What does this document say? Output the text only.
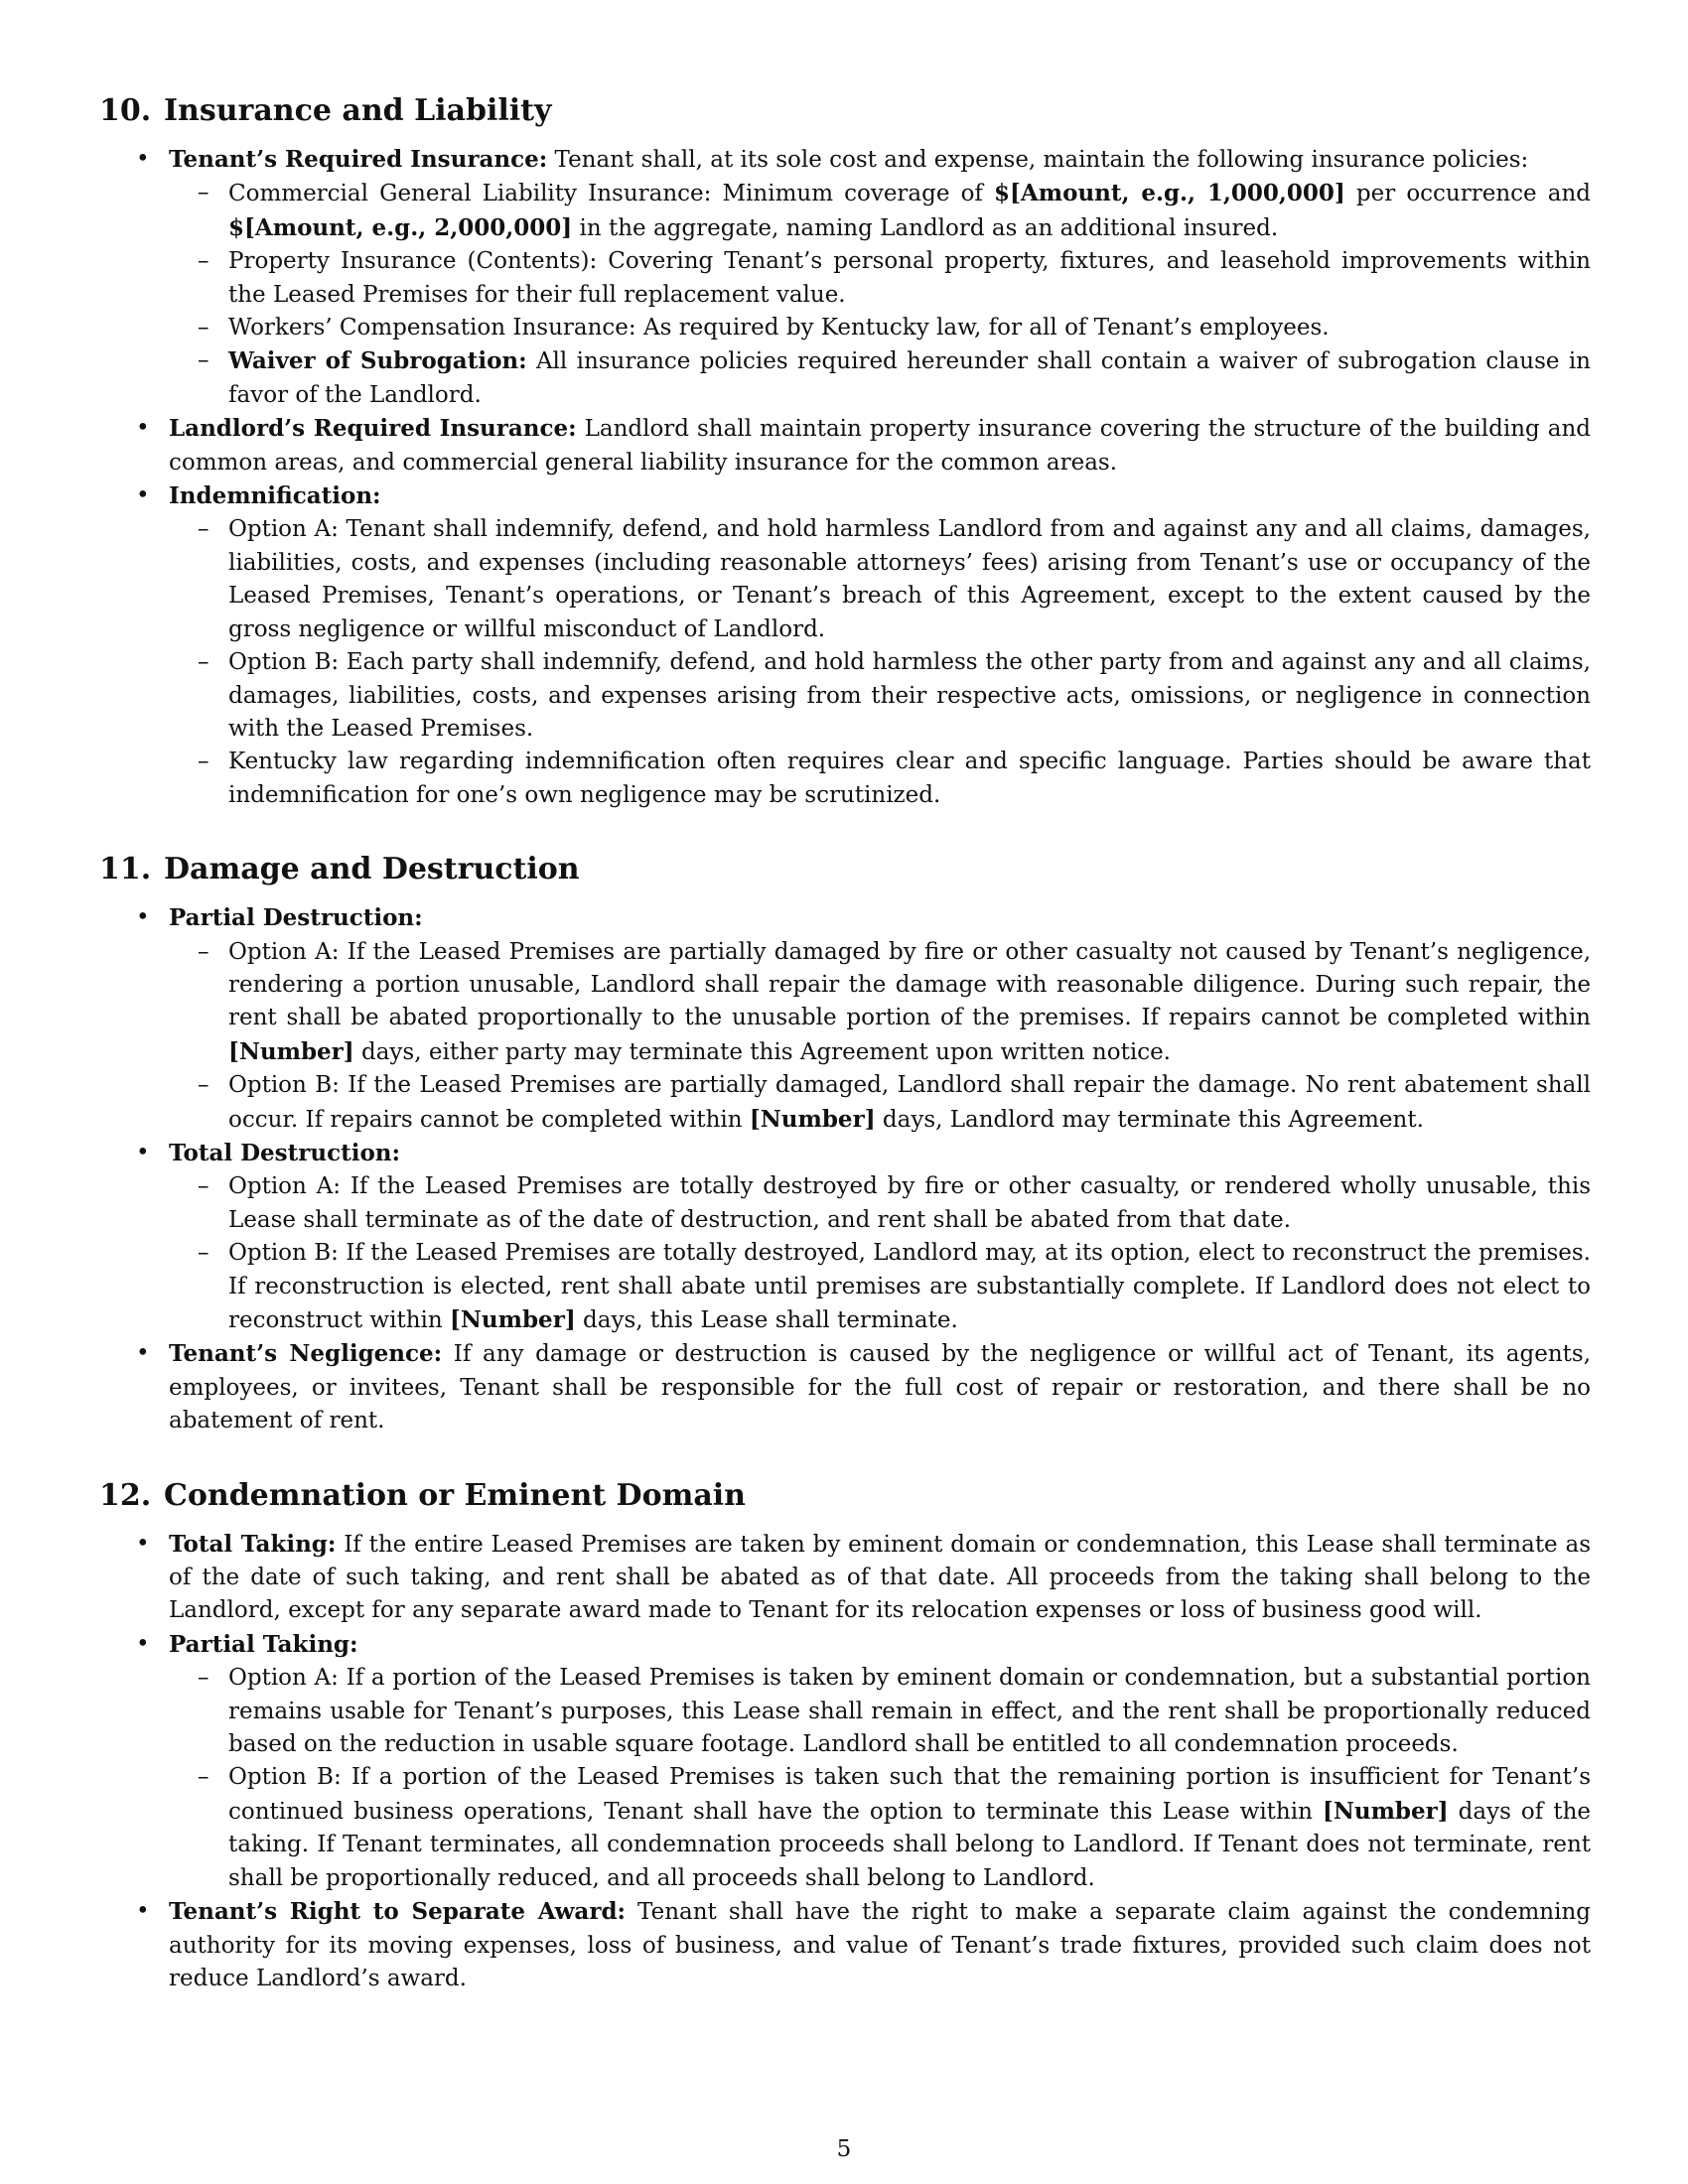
10. Insurance and Liability
• Tenant’s Required Insurance: Tenant shall, at its sole cost and expense, maintain the following insurance policies:
– Commercial General Liability Insurance: Minimum coverage of $[Amount, e.g., 1,000,000] per occurrence and $[Amount, e.g., 2,000,000] in the aggregate, naming Landlord as an additional insured.
– Property Insurance (Contents): Covering Tenant’s personal property, fixtures, and leasehold improvements within the Leased Premises for their full replacement value.
– Workers’ Compensation Insurance: As required by Kentucky law, for all of Tenant’s employees.
– Waiver of Subrogation: All insurance policies required hereunder shall contain a waiver of subrogation clause in favor of the Landlord.
• Landlord’s Required Insurance: Landlord shall maintain property insurance covering the structure of the building and common areas, and commercial general liability insurance for the common areas.
• Indemnification:
– Option A: Tenant shall indemnify, defend, and hold harmless Landlord from and against any and all claims, damages, liabilities, costs, and expenses (including reasonable attorneys’ fees) arising from Tenant’s use or occupancy of the Leased Premises, Tenant’s operations, or Tenant’s breach of this Agreement, except to the extent caused by the gross negligence or willful misconduct of Landlord.
– Option B: Each party shall indemnify, defend, and hold harmless the other party from and against any and all claims, damages, liabilities, costs, and expenses arising from their respective acts, omissions, or negligence in connection with the Leased Premises.
– Kentucky law regarding indemnification often requires clear and specific language. Parties should be aware that indemnification for one’s own negligence may be scrutinized.
11. Damage and Destruction
• Partial Destruction:
– Option A: If the Leased Premises are partially damaged by fire or other casualty not caused by Tenant’s negligence, rendering a portion unusable, Landlord shall repair the damage with reasonable diligence. During such repair, the rent shall be abated proportionally to the unusable portion of the premises. If repairs cannot be completed within [Number] days, either party may terminate this Agreement upon written notice.
– Option B: If the Leased Premises are partially damaged, Landlord shall repair the damage. No rent abatement shall occur. If repairs cannot be completed within [Number] days, Landlord may terminate this Agreement.
• Total Destruction:
– Option A: If the Leased Premises are totally destroyed by fire or other casualty, or rendered wholly unusable, this Lease shall terminate as of the date of destruction, and rent shall be abated from that date.
– Option B: If the Leased Premises are totally destroyed, Landlord may, at its option, elect to reconstruct the premises. If reconstruction is elected, rent shall abate until premises are substantially complete. If Landlord does not elect to reconstruct within [Number] days, this Lease shall terminate.
• Tenant’s Negligence: If any damage or destruction is caused by the negligence or willful act of Tenant, its agents, employees, or invitees, Tenant shall be responsible for the full cost of repair or restoration, and there shall be no abatement of rent.
12. Condemnation or Eminent Domain
• Total Taking: If the entire Leased Premises are taken by eminent domain or condemnation, this Lease shall terminate as of the date of such taking, and rent shall be abated as of that date. All proceeds from the taking shall belong to the Landlord, except for any separate award made to Tenant for its relocation expenses or loss of business good will.
• Partial Taking:
– Option A: If a portion of the Leased Premises is taken by eminent domain or condemnation, but a substantial portion remains usable for Tenant’s purposes, this Lease shall remain in effect, and the rent shall be proportionally reduced based on the reduction in usable square footage. Landlord shall be entitled to all condemnation proceeds.
– Option B: If a portion of the Leased Premises is taken such that the remaining portion is insufficient for Tenant’s continued business operations, Tenant shall have the option to terminate this Lease within [Number] days of the taking. If Tenant terminates, all condemnation proceeds shall belong to Landlord. If Tenant does not terminate, rent shall be proportionally reduced, and all proceeds shall belong to Landlord.
• Tenant’s Right to Separate Award: Tenant shall have the right to make a separate claim against the condemning authority for its moving expenses, loss of business, and value of Tenant’s trade fixtures, provided such claim does not reduce Landlord’s award.
5
